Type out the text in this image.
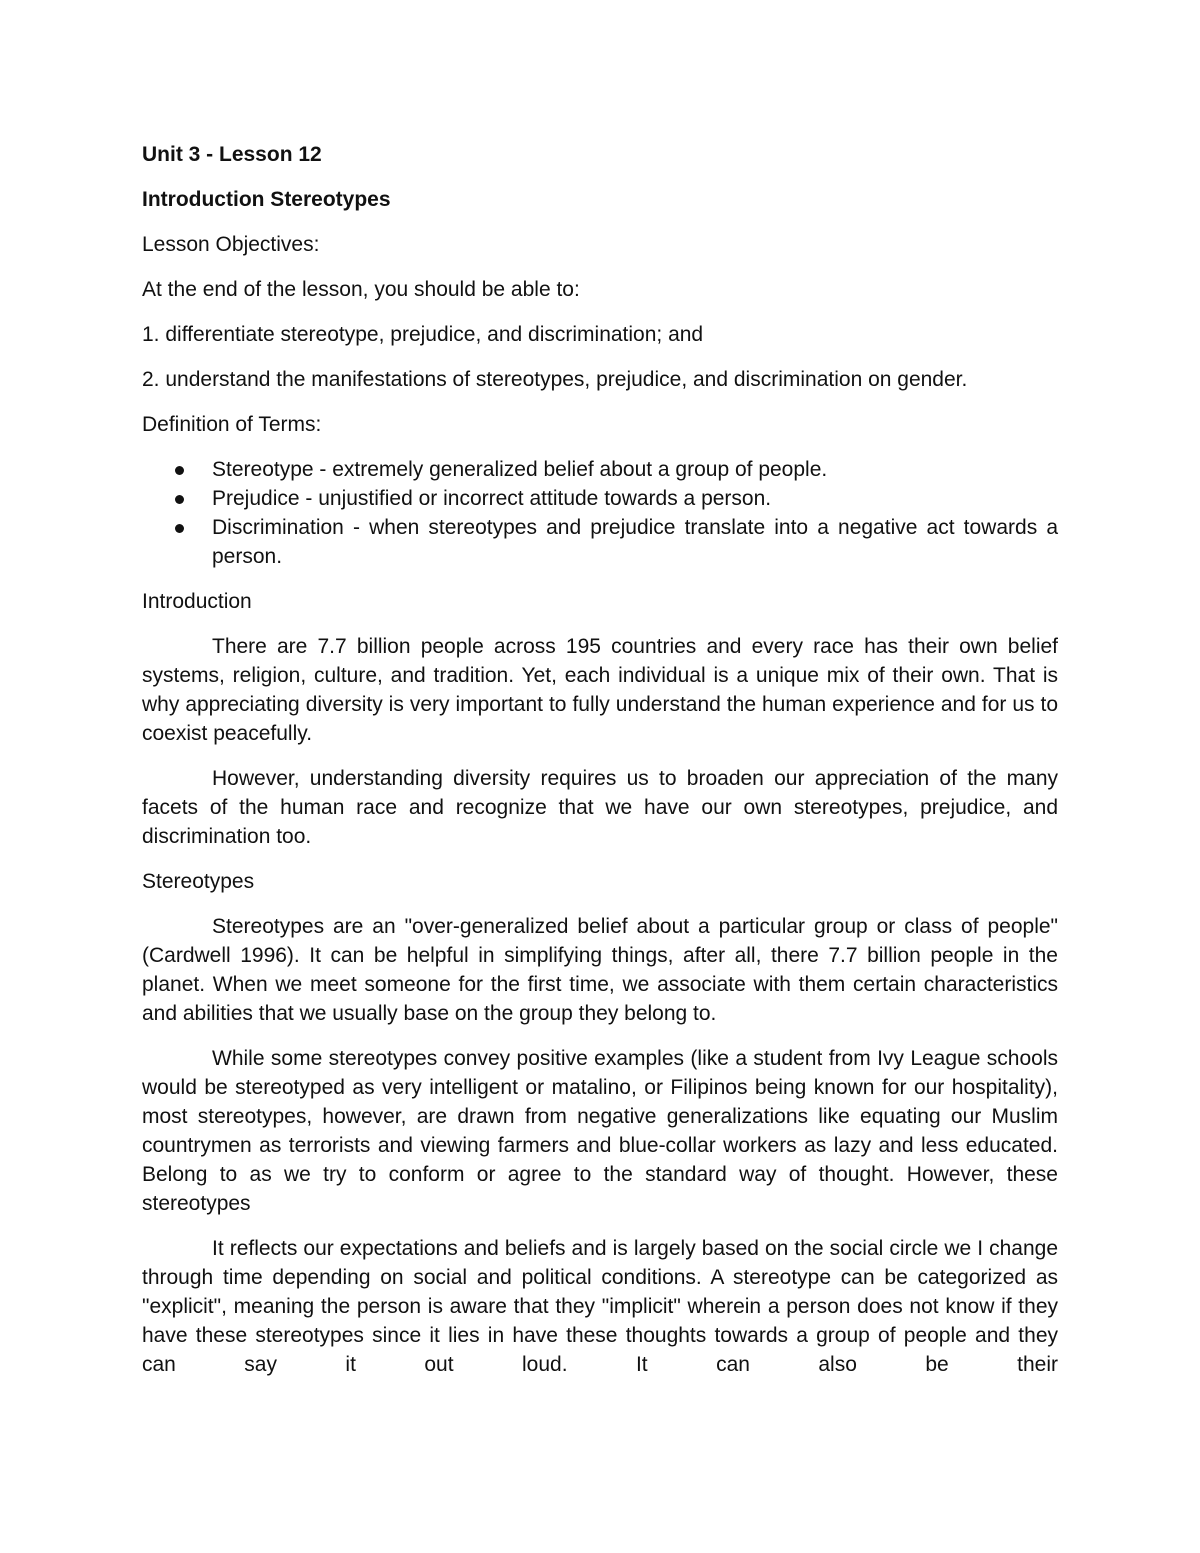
Unit 3 - Lesson 12
Introduction Stereotypes

Lesson Objectives:

At the end of the lesson, you should be able to:

1. differentiate stereotype, prejudice, and discrimination; and

2. understand the manifestations of stereotypes, prejudice, and discrimination on gender.

Definition of Terms:

Stereotype - extremely generalized belief about a group of people.
Prejudice - unjustified or incorrect attitude towards a person.
Discrimination - when stereotypes and prejudice translate into a negative act towards a person.

Introduction

There are 7.7 billion people across 195 countries and every race has their own belief systems, religion, culture, and tradition. Yet, each individual is a unique mix of their own. That is why appreciating diversity is very important to fully understand the human experience and for us to coexist peacefully.

However, understanding diversity requires us to broaden our appreciation of the many facets of the human race and recognize that we have our own stereotypes, prejudice, and discrimination too.

Stereotypes

Stereotypes are an "over-generalized belief about a particular group or class of people" (Cardwell 1996). It can be helpful in simplifying things, after all, there 7.7 billion people in the planet. When we meet someone for the first time, we associate with them certain characteristics and abilities that we usually base on the group they belong to.

While some stereotypes convey positive examples (like a student from Ivy League schools would be stereotyped as very intelligent or matalino, or Filipinos being known for our hospitality), most stereotypes, however, are drawn from negative generalizations like equating our Muslim countrymen as terrorists and viewing farmers and blue-collar workers as lazy and less educated. Belong to as we try to conform or agree to the standard way of thought. However, these stereotypes

It reflects our expectations and beliefs and is largely based on the social circle we I change through time depending on social and political conditions. A stereotype can be categorized as "explicit", meaning the person is aware that they "implicit" wherein a person does not know if they have these stereotypes since it lies in have these thoughts towards a group of people and they can say it out loud. It can also be their
